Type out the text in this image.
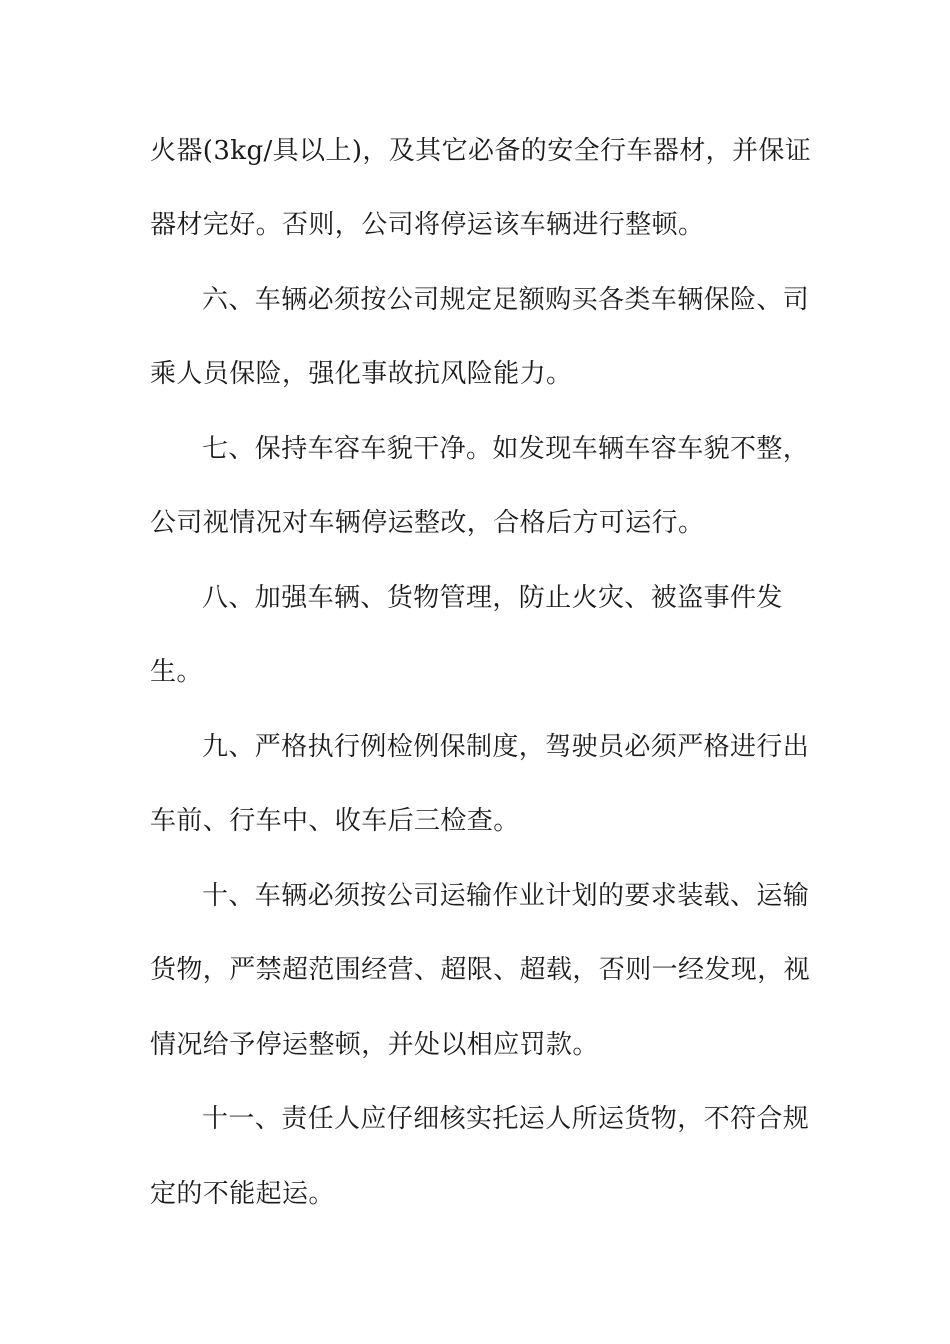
火器(3kg/具以上)，及其它必备的安全行车器材，并保证
器材完好。否则，公司将停运该车辆进行整顿。
六、车辆必须按公司规定足额购买各类车辆保险、司
乘人员保险，强化事故抗风险能力。
七、保持车容车貌干净。如发现车辆车容车貌不整，
公司视情况对车辆停运整改，合格后方可运行。
八、加强车辆、货物管理，防止火灾、被盗事件发
生。
九、严格执行例检例保制度，驾驶员必须严格进行出
车前、行车中、收车后三检查。
十、车辆必须按公司运输作业计划的要求装载、运输
货物，严禁超范围经营、超限、超载，否则一经发现，视
情况给予停运整顿，并处以相应罚款。
十一、责任人应仔细核实托运人所运货物，不符合规
定的不能起运。
